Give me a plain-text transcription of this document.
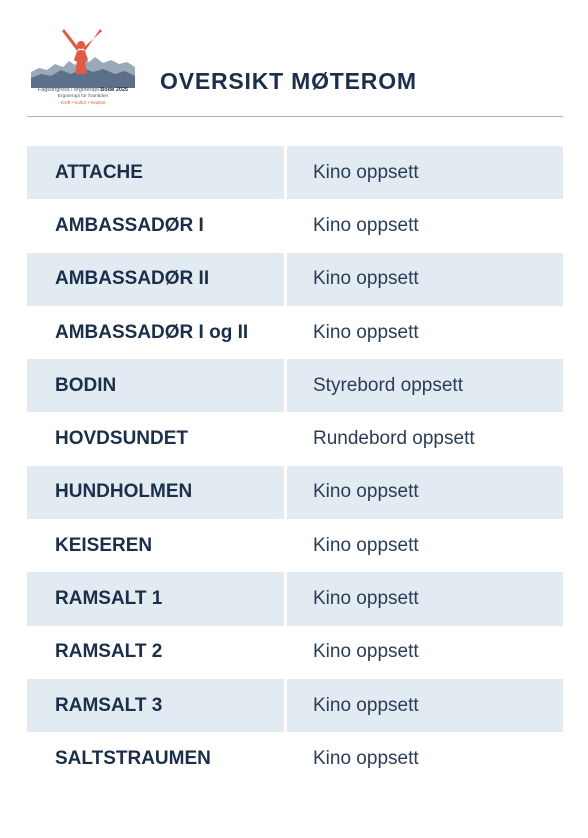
Fagkongress i ergoterapi Bodø 2025
Ergoterapi for framtiden
Kraft • Kultur • Kvalitet
OVERSIKT MØTEROM
ATTACHE	Kino oppsett
AMBASSADØR I	Kino oppsett
AMBASSADØR II	Kino oppsett
AMBASSADØR I og II	Kino oppsett
BODIN	Styrebord oppsett
HOVDSUNDET	Rundebord oppsett
HUNDHOLMEN	Kino oppsett
KEISEREN	Kino oppsett
RAMSALT 1	Kino oppsett
RAMSALT 2	Kino oppsett
RAMSALT 3	Kino oppsett
SALTSTRAUMEN	Kino oppsett
